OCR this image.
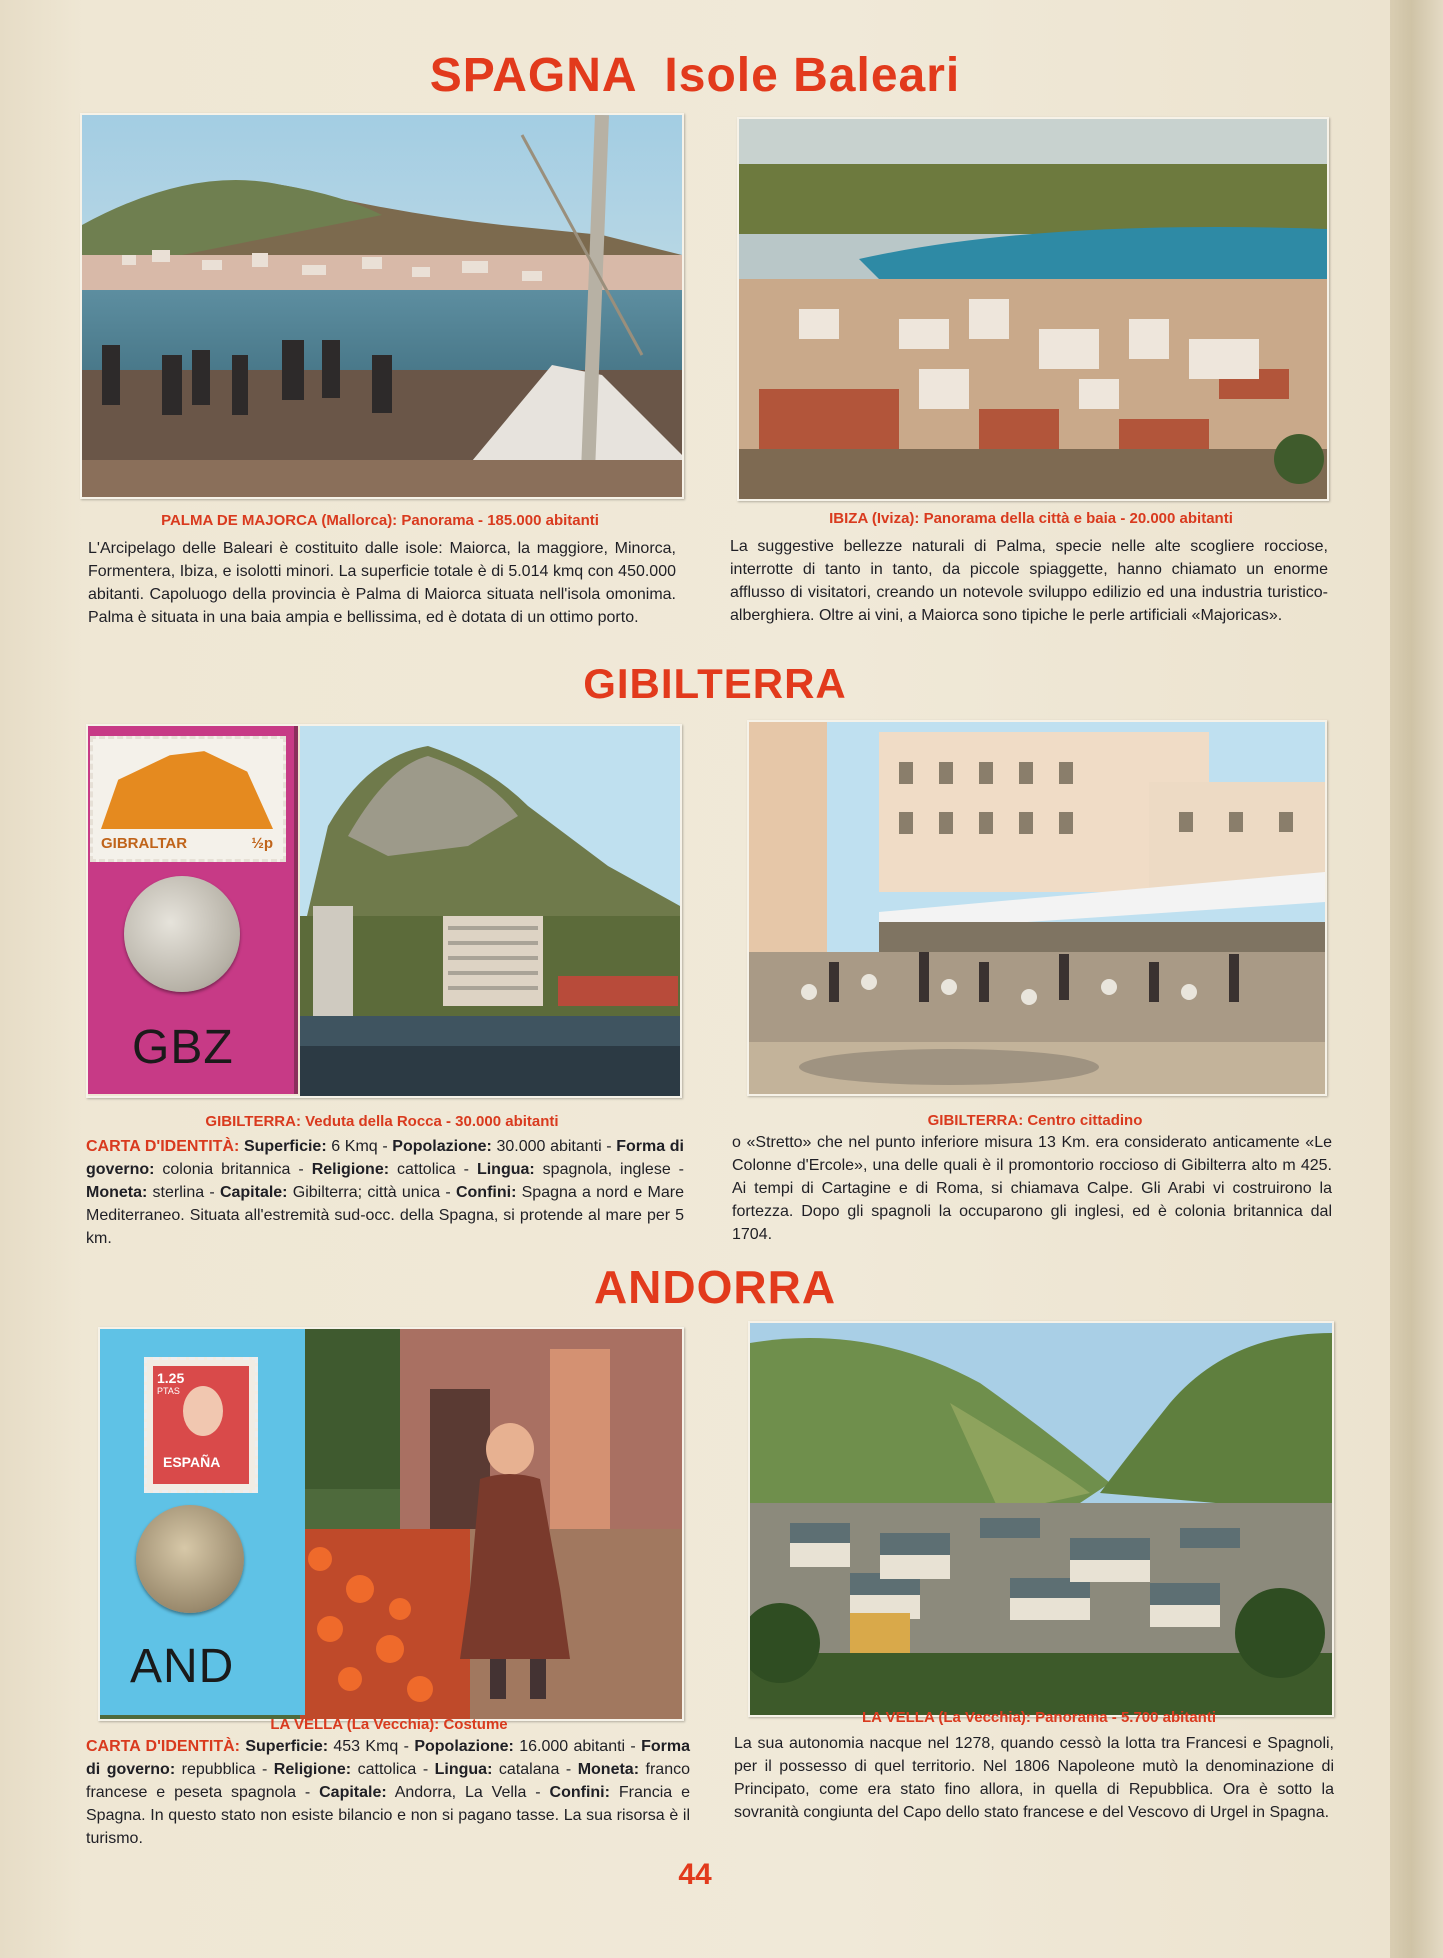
SPAGNA  Isole Baleari
PALMA DE MAJORCA (Mallorca): Panorama - 185.000 abitanti	IBIZA (Iviza): Panorama della città e baia - 20.000 abitanti
L'Arcipelago delle Baleari è costituito dalle isole: Maiorca, la maggiore, Minorca, Formentera, Ibiza, e isolotti minori. La superficie totale è di 5.014 kmq con 450.000 abitanti. Capoluogo della provincia è Palma di Maiorca situata nell'isola omonima. Palma è situata in una baia ampia e bellissima, ed è dotata di un ottimo porto.
La suggestive bellezze naturali di Palma, specie nelle alte scogliere rocciose, interrotte di tanto in tanto, da piccole spiaggette, hanno chiamato un enorme afflusso di visitatori, creando un notevole sviluppo edilizio ed una industria turistico-alberghiera. Oltre ai vini, a Maiorca sono tipiche le perle artificiali «Majoricas».
GIBILTERRA
GIBRALTAR	½p
GBZ
GIBILTERRA: Veduta della Rocca - 30.000 abitanti	GIBILTERRA: Centro cittadino
CARTA D'IDENTITÀ: Superficie: 6 Kmq - Popolazione: 30.000 abitanti - Forma di governo: colonia britannica - Religione: cattolica - Lingua: spagnola, inglese - Moneta: sterlina - Capitale: Gibilterra; città unica - Confini: Spagna a nord e Mare Mediterraneo. Situata all'estremità sud-occ. della Spagna, si protende al mare per 5 km.
o «Stretto» che nel punto inferiore misura 13 Km. era considerato anticamente «Le Colonne d'Ercole», una delle quali è il promontorio roccioso di Gibilterra alto m 425. Ai tempi di Cartagine e di Roma, si chiamava Calpe. Gli Arabi vi costruirono la fortezza. Dopo gli spagnoli la occuparono gli inglesi, ed è colonia britannica dal 1704.
ANDORRA
1.25
PTAS
ESPAÑA
AND
LA VELLA (La Vecchia): Costume	LA VELLA (La Vecchia): Panorama - 5.700 abitanti
CARTA D'IDENTITÀ: Superficie: 453 Kmq - Popolazione: 16.000 abitanti - Forma di governo: repubblica - Religione: cattolica - Lingua: catalana - Moneta: franco francese e peseta spagnola - Capitale: Andorra, La Vella - Confini: Francia e Spagna. In questo stato non esiste bilancio e non si pagano tasse. La sua risorsa è il turismo.
La sua autonomia nacque nel 1278, quando cessò la lotta tra Francesi e Spagnoli, per il possesso di quel territorio. Nel 1806 Napoleone mutò la denominazione di Principato, come era stato fino allora, in quella di Repubblica. Ora è sotto la sovranità congiunta del Capo dello stato francese e del Vescovo di Urgel in Spagna.
44
